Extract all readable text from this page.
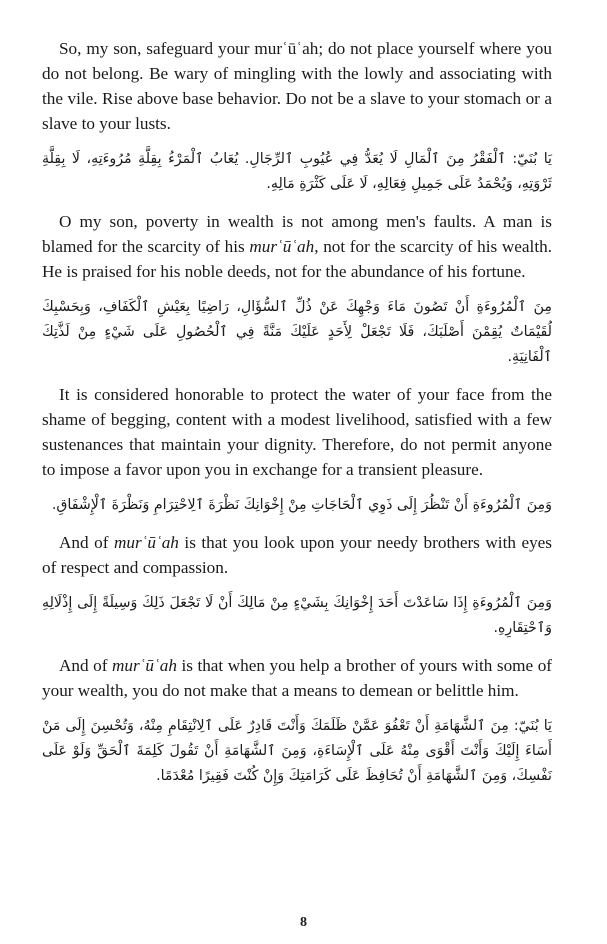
So, my son, safeguard your murʿūʿah; do not place yourself where you do not belong. Be wary of mingling with the lowly and associating with the vile. Rise above base behavior. Do not be a slave to your stomach or a slave to your lusts.

يَا بُنَيّ: ٱلْفَقْرُ مِنَ ٱلْمَالِ لَا يُعَدُّ فِي عُيُوبِ ٱلرِّجَالِ. يُعَابُ ٱلْمَرْءُ بِقِلَّةِ مُرُوءَتِهِ، لَا بِقِلَّةِ ثَرْوَتِهِ، وَيُحْمَدُ عَلَى جَمِيلِ فِعَالِهِ، لَا عَلَى كَثْرَةِ مَالِهِ.

O my son, poverty in wealth is not among men's faults. A man is blamed for the scarcity of his murʿūʿah, not for the scarcity of his wealth. He is praised for his noble deeds, not for the abundance of his fortune.

مِنَ ٱلْمُرُوءَةِ أَنْ تَصُونَ مَاءَ وَجْهِكَ عَنْ ذُلِّ ٱلسُّؤَالِ، رَاضِيًا بِعَيْشِ ٱلْكَفَافِ، وَبِحَسْبِكَ لُقَيْمَاتٌ يُقِمْنَ أَصْلَبَكَ، فَلَا تَجْعَلْ لِأَحَدٍ عَلَيْكَ مَنَّةً فِي ٱلْحُصُولِ عَلَى شَيْءٍ مِنْ لَذَّتِكَ ٱلْفَانِيَةِ.

It is considered honorable to protect the water of your face from the shame of begging, content with a modest livelihood, satisfied with a few sustenances that maintain your dignity. Therefore, do not permit anyone to impose a favor upon you in exchange for a transient pleasure.

وَمِنَ ٱلْمُرُوءَةِ أَنْ تَنْظُرَ إِلَى ذَوِي ٱلْحَاجَاتِ مِنْ إِخْوَانِكَ نَظْرَةَ ٱلِاحْتِرَامِ وَنَظْرَةَ ٱلْإِشْفَاقِ.

And of murʿūʿah is that you look upon your needy brothers with eyes of respect and compassion.

وَمِنَ ٱلْمُرُوءَةِ إِذَا سَاعَدْتَ أَحَدَ إِخْوَانِكَ بِشَيْءٍ مِنْ مَالِكَ أَنْ لَا تَجْعَلَ ذَلِكَ وَسِيلَةً إِلَى إِذْلَالِهِ وَٱحْتِقَارِهِ.

And of murʿūʿah is that when you help a brother of yours with some of your wealth, you do not make that a means to demean or belittle him.

يَا بُنَيّ: مِنَ ٱلشَّهَامَةِ أَنْ تَعْفُوَ عَمَّنْ ظَلَمَكَ وَأَنْتَ قَادِرٌ عَلَى ٱلِانْتِقَامِ مِنْهُ، وَتُحْسِنَ إِلَى مَنْ أَسَاءَ إِلَيْكَ وَأَنْتَ أَقْوَى مِنْهُ عَلَى ٱلْإِسَاءَةِ، وَمِنَ ٱلشَّهَامَةِ أَنْ تَقُولَ كَلِمَةَ ٱلْحَقِّ وَلَوْ عَلَى نَفْسِكَ، وَمِنَ ٱلشَّهَامَةِ أَنْ تُحَافِظَ عَلَى كَرَامَتِكَ وَإِنْ كُنْتَ فَقِيرًا مُعْدَمًا.

8
